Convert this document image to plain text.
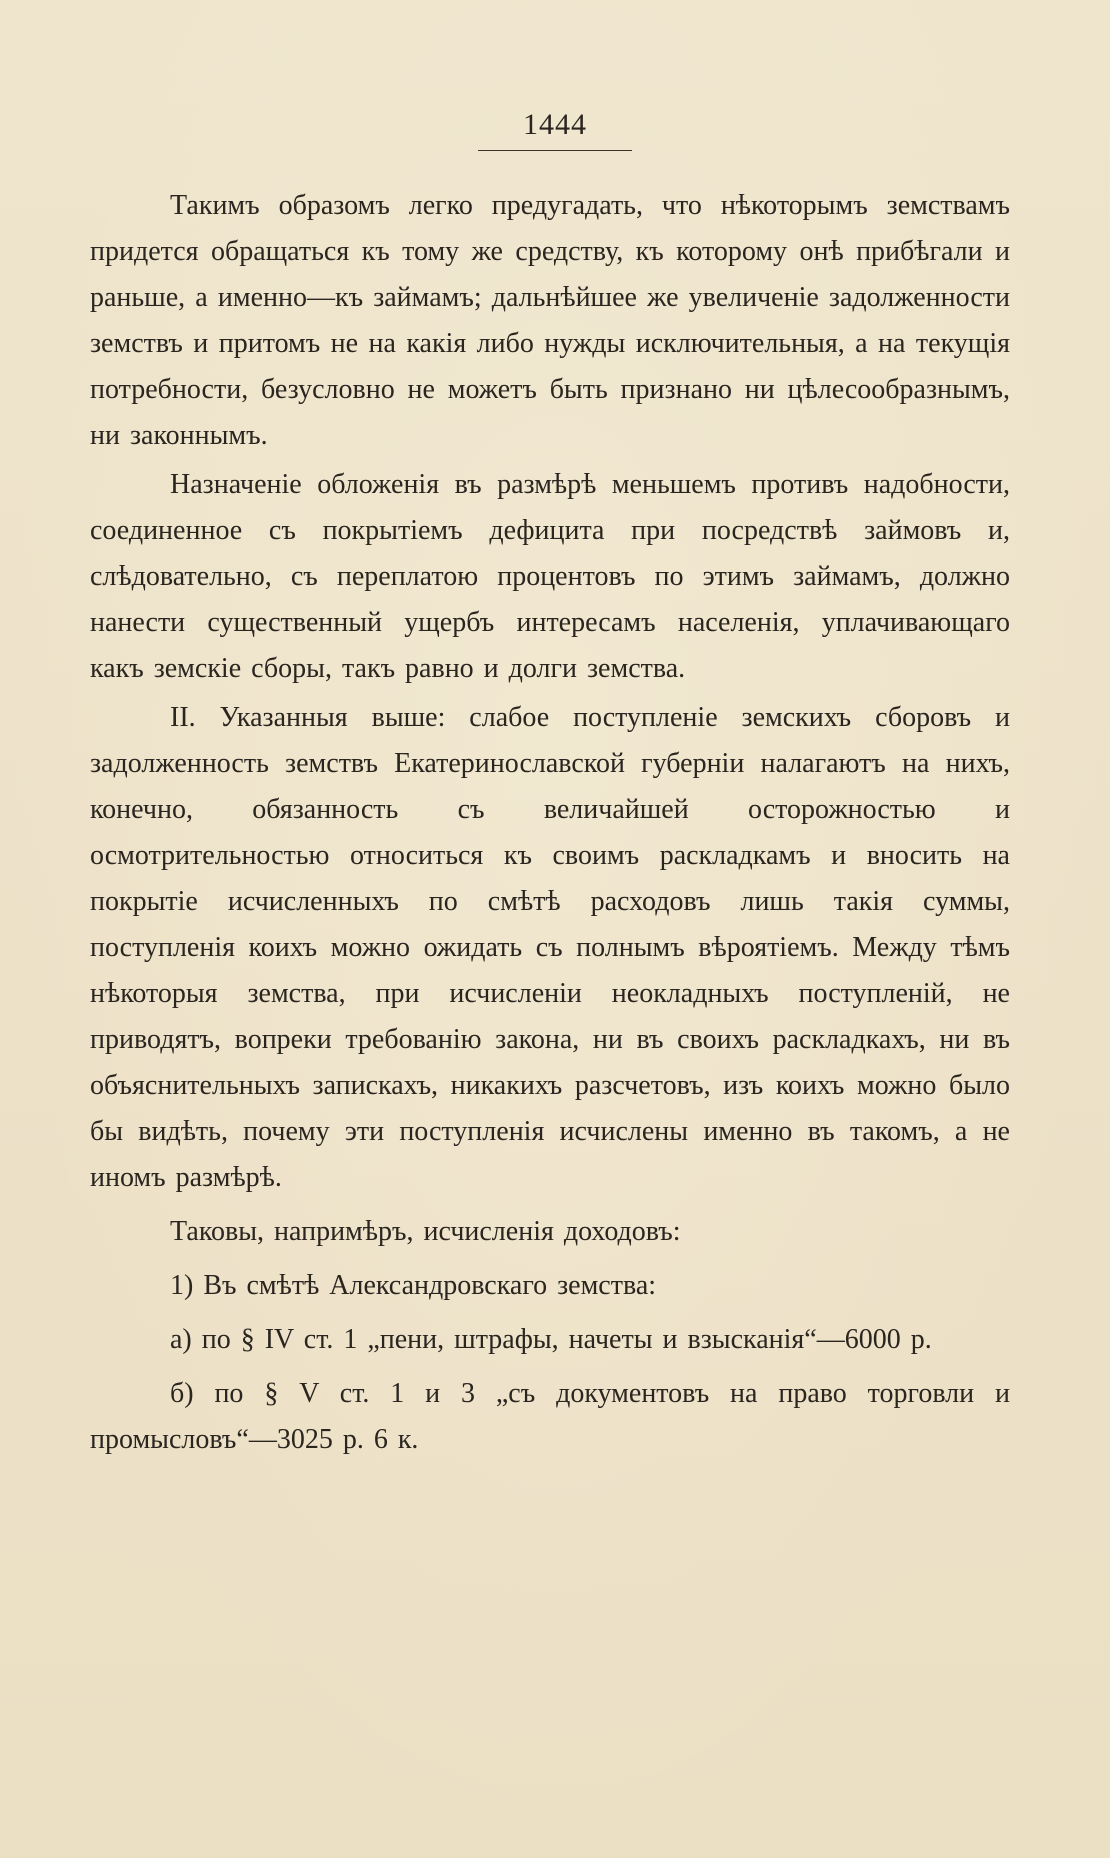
1444

Такимъ образомъ легко предугадать, что нѣкоторымъ земствамъ придется обращаться къ тому же средству, къ которому онѣ прибѣгали и раньше, а именно—къ займамъ; дальнѣйшее же увеличеніе задолженности земствъ и притомъ не на какія либо нужды исключительныя, а на текущія потребности, безусловно не можетъ быть признано ни цѣлесообразнымъ, ни законнымъ.

Назначеніе обложенія въ размѣрѣ меньшемъ противъ надобности, соединенное съ покрытіемъ дефицита при посредствѣ займовъ и, слѣдовательно, съ переплатою процентовъ по этимъ займамъ, должно нанести существенный ущербъ интересамъ населенія, уплачивающаго какъ земскіе сборы, такъ равно и долги земства.

II. Указанныя выше: слабое поступленіе земскихъ сборовъ и задолженность земствъ Екатеринославской губерніи налагаютъ на нихъ, конечно, обязанность съ величайшей осторожностью и осмотрительностью относиться къ своимъ раскладкамъ и вносить на покрытіе исчисленныхъ по смѣтѣ расходовъ лишь такія суммы, поступленія коихъ можно ожидать съ полнымъ вѣроятіемъ. Между тѣмъ нѣкоторыя земства, при исчисленіи неокладныхъ поступленій, не приводятъ, вопреки требованію закона, ни въ своихъ раскладкахъ, ни въ объяснительныхъ запискахъ, никакихъ разсчетовъ, изъ коихъ можно было бы видѣть, почему эти поступленія исчислены именно въ такомъ, а не иномъ размѣрѣ.

Таковы, напримѣръ, исчисленія доходовъ:

1) Въ смѣтѣ Александровскаго земства:

а) по § IV ст. 1 „пени, штрафы, начеты и взысканія“—6000 р.

б) по § V ст. 1 и 3 „съ документовъ на право торговли и промысловъ“—3025 р. 6 к.
